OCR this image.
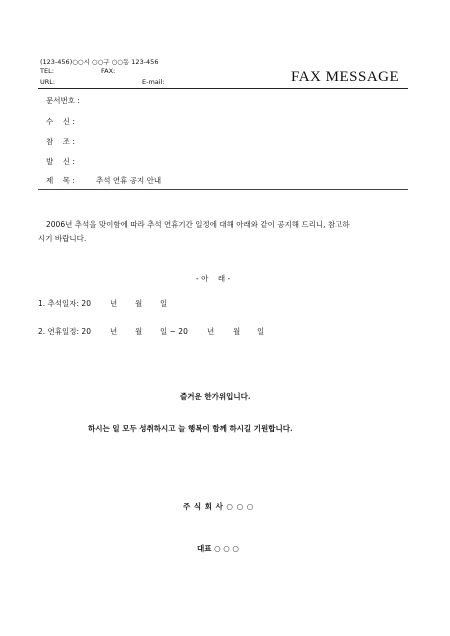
(123-456)○○시 ○○구 ○○동 123-456
TEL:	FAX:
URL:	E-mail:	FAX MESSAGE
문서번호 :
수    신 :
참    조 :
발    신 :
제    목 :	추석 연휴 공지 안내
2006년 추석을 맞이함에 따라 추석 연휴기간 일정에 대해 아래와 같이 공지해 드리니, 참고하
시기 바랍니다.
- 아    래 -
1. 추석일자: 20	년 월 일
2. 연휴일정: 20	년 월 일 ~ 20	년	월 일
즐거운 한가위입니다.
하시는 일 모두 성취하시고 늘 행복이 함께 하시길 기원합니다.
주 식 회 사 ○ ○ ○
대표 ○ ○ ○
